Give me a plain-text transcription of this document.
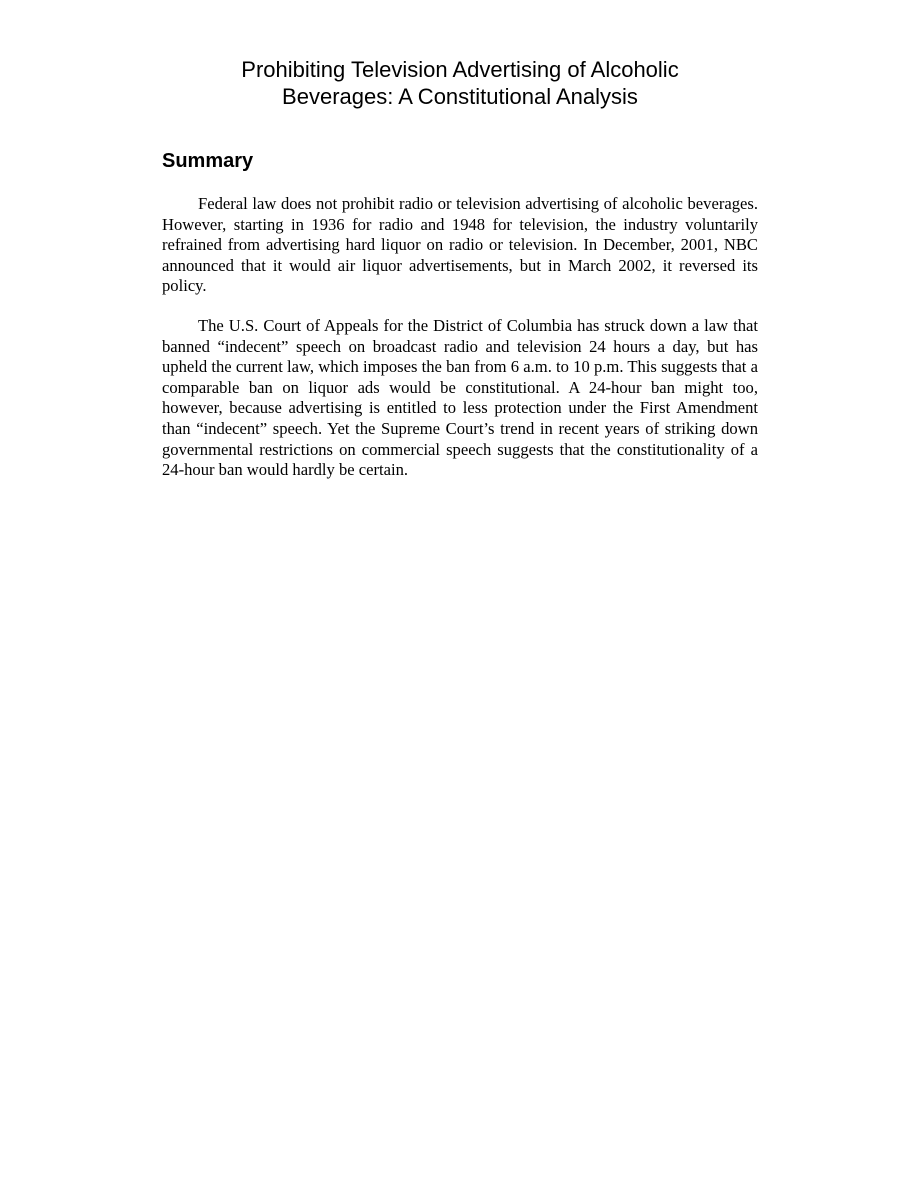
Prohibiting Television Advertising of Alcoholic
Beverages: A Constitutional Analysis
Summary

Federal law does not prohibit radio or television advertising of alcoholic beverages. However, starting in 1936 for radio and 1948 for television, the industry voluntarily refrained from advertising hard liquor on radio or television. In December, 2001, NBC announced that it would air liquor advertisements, but in March 2002, it reversed its policy.

The U.S. Court of Appeals for the District of Columbia has struck down a law that banned “indecent” speech on broadcast radio and television 24 hours a day, but has upheld the current law, which imposes the ban from 6 a.m. to 10 p.m. This suggests that a comparable ban on liquor ads would be constitutional. A 24-hour ban might too, however, because advertising is entitled to less protection under the First Amendment than “indecent” speech. Yet the Supreme Court’s trend in recent years of striking down governmental restrictions on commercial speech suggests that the constitutionality of a 24-hour ban would hardly be certain.
